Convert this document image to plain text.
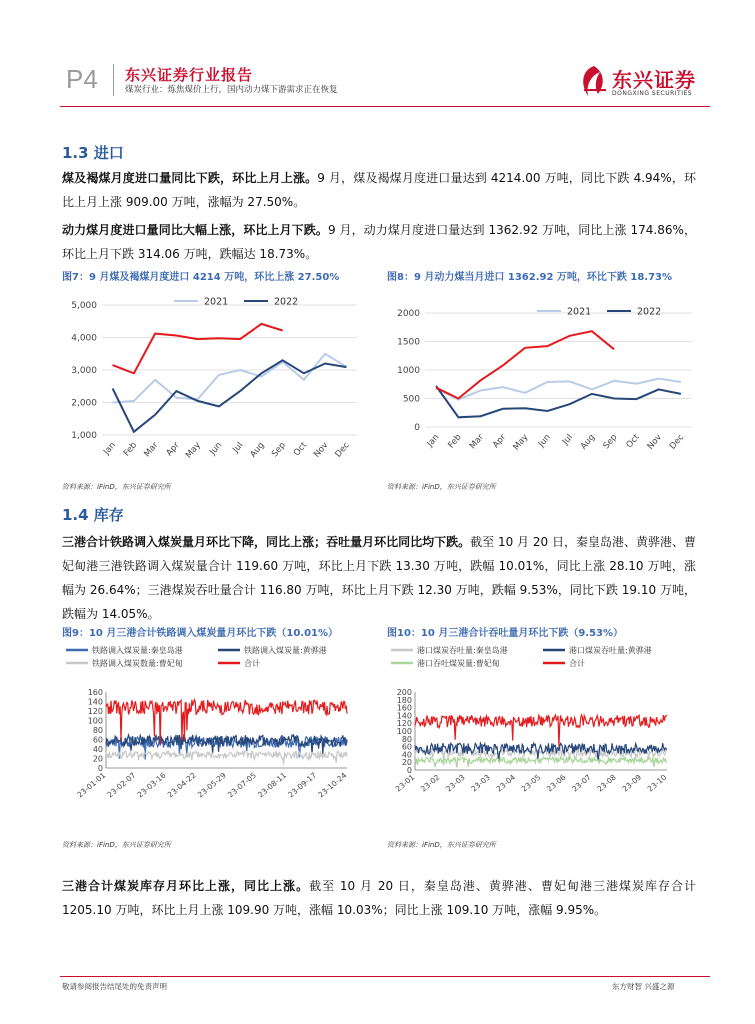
P4 东兴证券行业报告
煤炭行业：炼焦煤价上行，国内动力煤下游需求正在恢复	东兴证券
DONGXING SECURITIES
1.3 进口
煤及褐煤月度进口量同比下跌，环比上月上涨。9 月，煤及褐煤月度进口量达到 4214.00 万吨，同比下跌 4.94%，环比上月上涨 909.00 万吨，涨幅为 27.50%。
动力煤月度进口量同比大幅上涨，环比上月下跌。9 月，动力煤月度进口量达到 1362.92 万吨，同比上涨 174.86%，环比上月下跌 314.06 万吨，跌幅达 18.73%。
图7：9 月煤及褐煤月度进口 4214 万吨，环比上涨 27.50%
1,000
2,000
3,000
4,000
5,000
Jan Feb Mar Apr May Jun Jul Aug Sep Oct Nov Dec
2021	2022
资料来源：iFinD，东兴证券研究所
图8：9 月动力煤当月进口 1362.92 万吨，环比下跌 18.73%
0
500
1000
1500
2000
Jan Feb Mar Apr May Jun Jul Aug Sep Oct Nov Dec
2021	2022
资料来源：iFinD，东兴证券研究所
1.4 库存
三港合计铁路调入煤炭量月环比下降，同比上涨；吞吐量月环比同比均下跌。截至 10 月 20 日，秦皇岛港、黄骅港、曹妃甸港三港铁路调入煤炭量合计 119.60 万吨，环比上月下跌 13.30 万吨，跌幅 10.01%，同比上涨 28.10 万吨，涨幅为 26.64%；三港煤炭吞吐量合计 116.80 万吨，环比上月下跌 12.30 万吨，跌幅 9.53%，同比下跌 19.10 万吨，跌幅为 14.05%。
图9：10 月三港合计铁路调入煤炭量月环比下跌（10.01%）
0
20
40
60
80
100
120
140
160
23-01-01
23-02-07
23-03-16
23-04-22
23-05-29
23-07-05
23-08-11
23-09-17
23-10-24
铁路调入煤炭量:秦皇岛港	铁路调入煤炭量:黄骅港
铁路调入煤炭数量:曹妃甸	合计
资料来源：iFinD，东兴证券研究所
图10：10 月三港合计吞吐量月环比下跌（9.53%）
0
20
40
60
80
100
120
140
160
180
200
23-01 23-02 23-03 23-03 23-04 23-05 23-06 23-07 23-08 23-09 23-10
港口煤炭吞吐量:秦皇岛港	港口煤炭吞吐量:黄骅港
港口吞吐煤炭量:曹妃甸	合计
资料来源：iFinD，东兴证券研究所
三港合计煤炭库存月环比上涨，同比上涨。截至 10 月 20 日，秦皇岛港、黄骅港、曹妃甸港三港煤炭库存合计 1205.10 万吨，环比上月上涨 109.90 万吨，涨幅 10.03%；同比上涨 109.10 万吨，涨幅 9.95%。
敬请参阅报告结尾处的免责声明	东方财智 兴盛之源
